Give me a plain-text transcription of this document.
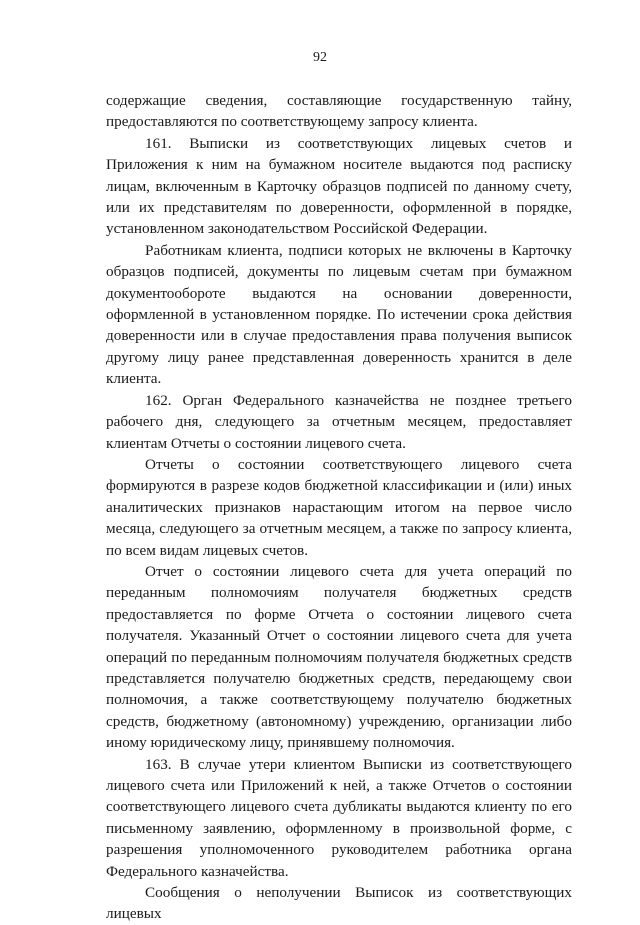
92

содержащие сведения, составляющие государственную тайну, предоставляются по соответствующему запросу клиента.

161. Выписки из соответствующих лицевых счетов и Приложения к ним на бумажном носителе выдаются под расписку лицам, включенным в Карточку образцов подписей по данному счету, или их представителям по доверенности, оформленной в порядке, установленном законодательством Российской Федерации.

Работникам клиента, подписи которых не включены в Карточку образцов подписей, документы по лицевым счетам при бумажном документообороте выдаются на основании доверенности, оформленной в установленном порядке. По истечении срока действия доверенности или в случае предоставления права получения выписок другому лицу ранее представленная доверенность хранится в деле клиента.

162. Орган Федерального казначейства не позднее третьего рабочего дня, следующего за отчетным месяцем, предоставляет клиентам Отчеты о состоянии лицевого счета.

Отчеты о состоянии соответствующего лицевого счета формируются в разрезе кодов бюджетной классификации и (или) иных аналитических признаков нарастающим итогом на первое число месяца, следующего за отчетным месяцем, а также по запросу клиента, по всем видам лицевых счетов.

Отчет о состоянии лицевого счета для учета операций по переданным полномочиям получателя бюджетных средств предоставляется по форме Отчета о состоянии лицевого счета получателя. Указанный Отчет о состоянии лицевого счета для учета операций по переданным полномочиям получателя бюджетных средств представляется получателю бюджетных средств, передающему свои полномочия, а также соответствующему получателю бюджетных средств, бюджетному (автономному) учреждению, организации либо иному юридическому лицу, принявшему полномочия.

163. В случае утери клиентом Выписки из соответствующего лицевого счета или Приложений к ней, а также Отчетов о состоянии соответствующего лицевого счета дубликаты выдаются клиенту по его письменному заявлению, оформленному в произвольной форме, с разрешения уполномоченного руководителем работника органа Федерального казначейства.

Сообщения о неполучении Выписок из соответствующих лицевых
